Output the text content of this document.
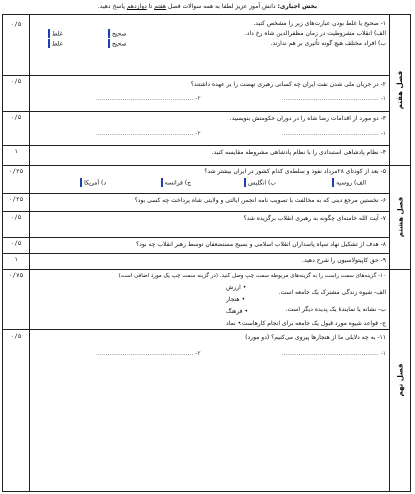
بخش اجباری: دانش آموز عزیز لطفا به همه سوالات فصل هفتم تا دوازدهم پاسخ دهید.
فصل هفتم
فصل هشتم
فصل نهم
۰/۵	۱- صحیح یا غلط بودن عبارت‌های زیر را مشخص کنید.
الف) انقلاب مشروطیت در زمان مظفرالدین شاه رخ داد.
صحیح
غلط
ب) افراد مختلف هیچ گونه تأثیری بر هم ندارند.
صحیح
غلط
۰/۵	۲- در جریان ملی شدن نفت ایران چه کسانی رهبری نهضت را بر عهده داشتند؟
۱- ...................................................
۲- ...................................................
۰/۵	۳- دو مورد از اقدامات رضا شاه را در دوران حکومتش بنویسید.
۱- ...................................................
۲- ...................................................
۱	۴- نظام پادشاهی استبدادی را با نظام پادشاهی مشروطه مقایسه کنید.
۰/۲۵	۵- بعد از کودتای ۲۸مرداد نفوذ و سلطه‌ی کدام کشور در ایران بیشتر شد؟
الف) روسیه
ب) انگلیس
ج) فرانسه
د) آمریکا
۰/۲۵	۶- نخستین مرجع دینی که به مخالفت با تصویب نامه انجمن ایالتی و ولایتی شاه پرداخت چه کسی بود؟
۰/۵	۷- آیت الله خامنه‌ای چگونه به رهبری انقلاب برگزیده شد؟
۰/۵	۸- هدف از تشکیل نهاد سپاه پاسداران انقلاب اسلامی و بسیج مستضعفان توسط رهبر انقلاب چه بود؟
۱	۹- حق کاپیتولاسیون را شرح دهید.
۰/۷۵	۱۰- گزینه‌های سمت راست را به گزینه‌های مربوطه سمت چپ وصل کنید. (در گزینه سمت چپ یک مورد اضافی است)
الف- شیوه زندگی مشترک یک جامعه است.
ب- نشانه یا نمایندۀ یک پدیده دیگر است.
ج- قواعد شیوه مورد قبول یک جامعه برای انجام کارهاست.
• ارزش
• هنجار
• فرهنگ
• نماد
۰/۵	۱۱- به چه دلایلی ما از هنجارها پیروی می‌کنیم؟ (دو مورد)
۱- ...................................................
۲- ...................................................
